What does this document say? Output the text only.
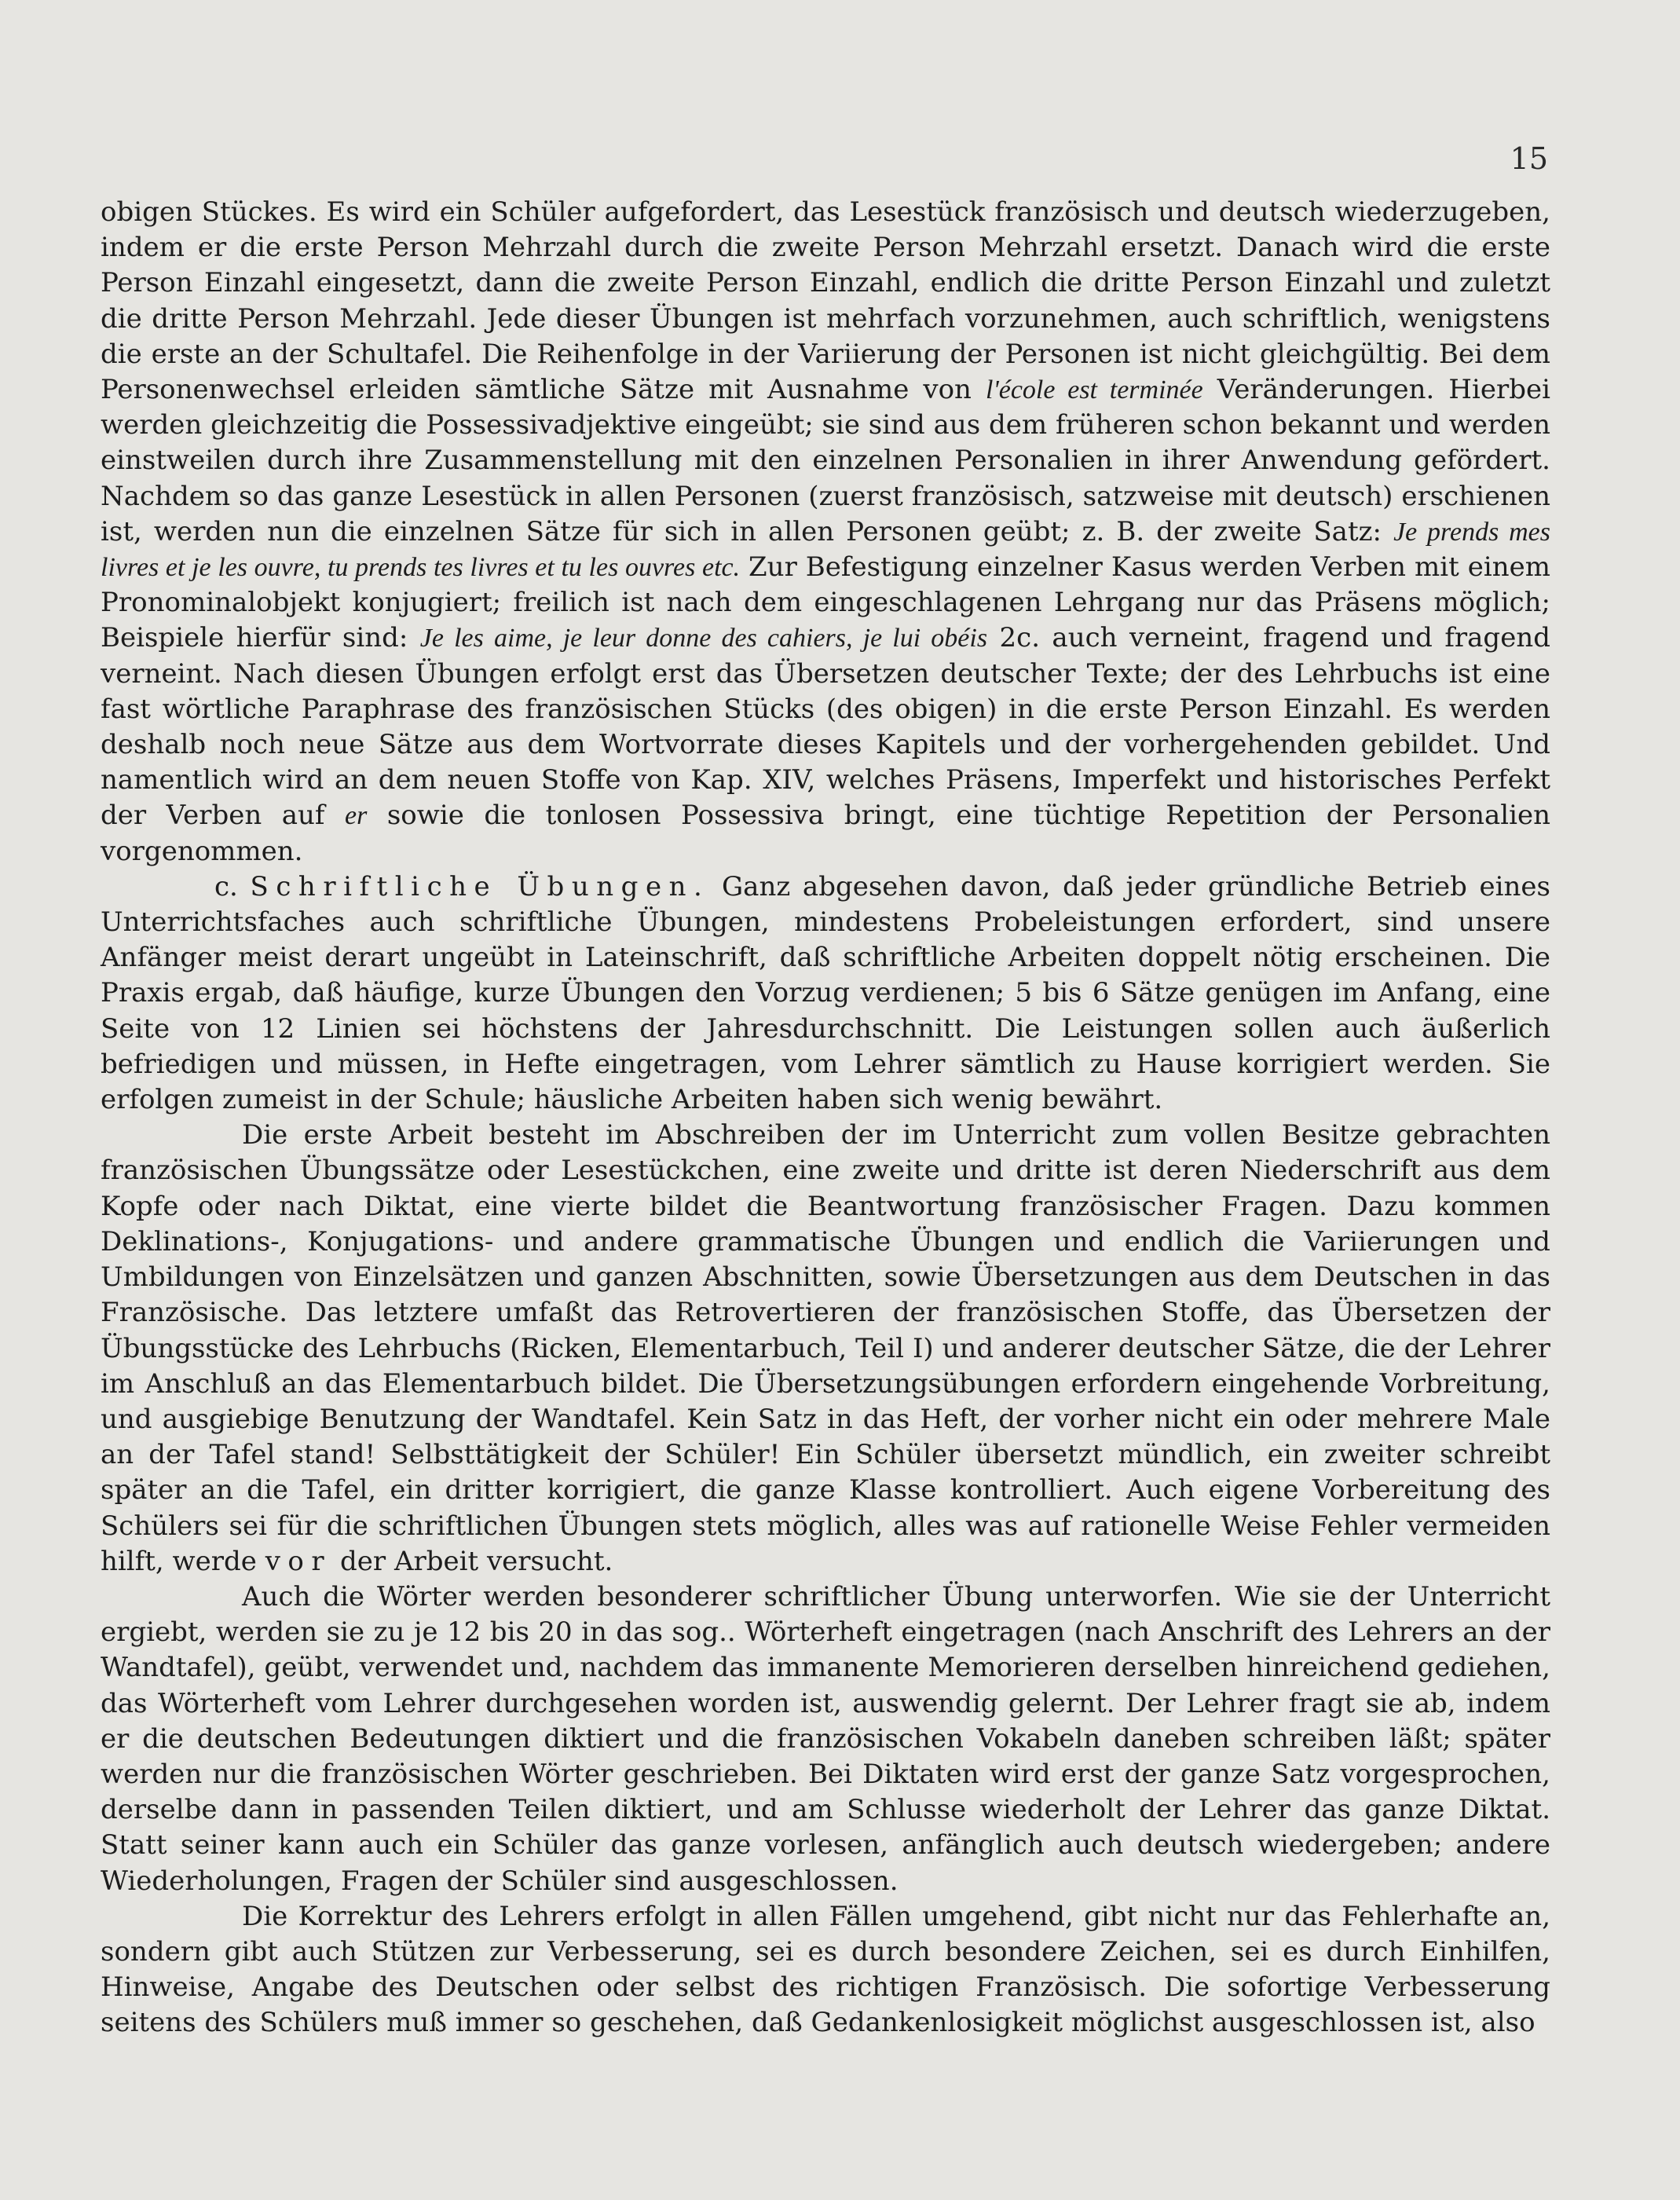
15

obigen Stückes. Es wird ein Schüler aufgefordert, das Lesestück französisch und deutsch wiederzugeben, indem er die erste Person Mehrzahl durch die zweite Person Mehrzahl ersetzt. Danach wird die erste Person Einzahl eingesetzt, dann die zweite Person Einzahl, endlich die dritte Person Einzahl und zuletzt die dritte Person Mehrzahl. Jede dieser Übungen ist mehrfach vorzunehmen, auch schriftlich, wenigstens die erste an der Schultafel. Die Reihenfolge in der Variierung der Personen ist nicht gleichgültig. Bei dem Personenwechsel erleiden sämtliche Sätze mit Ausnahme von l'école est terminée Veränderungen. Hierbei werden gleichzeitig die Possessivadjektive eingeübt; sie sind aus dem früheren schon bekannt und werden einstweilen durch ihre Zusammenstellung mit den einzelnen Personalien in ihrer Anwendung gefördert. Nachdem so das ganze Lesestück in allen Personen (zuerst französisch, satzweise mit deutsch) erschienen ist, werden nun die einzelnen Sätze für sich in allen Personen geübt; z. B. der zweite Satz: Je prends mes livres et je les ouvre, tu prends tes livres et tu les ouvres etc. Zur Befestigung einzelner Kasus werden Verben mit einem Pronominalobjekt konjugiert; freilich ist nach dem eingeschlagenen Lehrgang nur das Präsens möglich; Beispiele hierfür sind: Je les aime, je leur donne des cahiers, je lui obéis 2c. auch verneint, fragend und fragend verneint. Nach diesen Übungen erfolgt erst das Übersetzen deutscher Texte; der des Lehrbuchs ist eine fast wörtliche Paraphrase des französischen Stücks (des obigen) in die erste Person Einzahl. Es werden deshalb noch neue Sätze aus dem Wortvorrate dieses Kapitels und der vorhergehenden gebildet. Und namentlich wird an dem neuen Stoffe von Kap. XIV, welches Präsens, Imperfekt und historisches Perfekt der Verben auf er sowie die tonlosen Possessiva bringt, eine tüchtige Repetition der Personalien vorgenommen.

c. Schriftliche Übungen. Ganz abgesehen davon, daß jeder gründliche Betrieb eines Unterrichtsfaches auch schriftliche Übungen, mindestens Probeleistungen erfordert, sind unsere Anfänger meist derart ungeübt in Lateinschrift, daß schriftliche Arbeiten doppelt nötig erscheinen. Die Praxis ergab, daß häufige, kurze Übungen den Vorzug verdienen; 5 bis 6 Sätze genügen im Anfang, eine Seite von 12 Linien sei höchstens der Jahresdurchschnitt. Die Leistungen sollen auch äußerlich befriedigen und müssen, in Hefte eingetragen, vom Lehrer sämtlich zu Hause korrigiert werden. Sie erfolgen zumeist in der Schule; häusliche Arbeiten haben sich wenig bewährt.

Die erste Arbeit besteht im Abschreiben der im Unterricht zum vollen Besitze gebrachten französischen Übungssätze oder Lesestückchen, eine zweite und dritte ist deren Niederschrift aus dem Kopfe oder nach Diktat, eine vierte bildet die Beantwortung französischer Fragen. Dazu kommen Deklinations-, Konjugations- und andere grammatische Übungen und endlich die Variierungen und Umbildungen von Einzelsätzen und ganzen Abschnitten, sowie Übersetzungen aus dem Deutschen in das Französische. Das letztere umfaßt das Retrovertieren der französischen Stoffe, das Übersetzen der Übungsstücke des Lehrbuchs (Ricken, Elementarbuch, Teil I) und anderer deutscher Sätze, die der Lehrer im Anschluß an das Elementarbuch bildet. Die Übersetzungsübungen erfordern eingehende Vorbreitung, und ausgiebige Benutzung der Wandtafel. Kein Satz in das Heft, der vorher nicht ein oder mehrere Male an der Tafel stand! Selbsttätigkeit der Schüler! Ein Schüler übersetzt mündlich, ein zweiter schreibt später an die Tafel, ein dritter korrigiert, die ganze Klasse kontrolliert. Auch eigene Vorbereitung des Schülers sei für die schriftlichen Übungen stets möglich, alles was auf rationelle Weise Fehler vermeiden hilft, werde vor der Arbeit versucht.

Auch die Wörter werden besonderer schriftlicher Übung unterworfen. Wie sie der Unterricht ergiebt, werden sie zu je 12 bis 20 in das sog.. Wörterheft eingetragen (nach Anschrift des Lehrers an der Wandtafel), geübt, verwendet und, nachdem das immanente Memorieren derselben hinreichend gediehen, das Wörterheft vom Lehrer durchgesehen worden ist, auswendig gelernt. Der Lehrer fragt sie ab, indem er die deutschen Bedeutungen diktiert und die französischen Vokabeln daneben schreiben läßt; später werden nur die französischen Wörter geschrieben. Bei Diktaten wird erst der ganze Satz vorgesprochen, derselbe dann in passenden Teilen diktiert, und am Schlusse wiederholt der Lehrer das ganze Diktat. Statt seiner kann auch ein Schüler das ganze vorlesen, anfänglich auch deutsch wiedergeben; andere Wiederholungen, Fragen der Schüler sind ausgeschlossen.

Die Korrektur des Lehrers erfolgt in allen Fällen umgehend, gibt nicht nur das Fehlerhafte an, sondern gibt auch Stützen zur Verbesserung, sei es durch besondere Zeichen, sei es durch Einhilfen, Hinweise, Angabe des Deutschen oder selbst des richtigen Französisch. Die sofortige Verbesserung seitens des Schülers muß immer so geschehen, daß Gedankenlosigkeit möglichst ausgeschlossen ist, also
